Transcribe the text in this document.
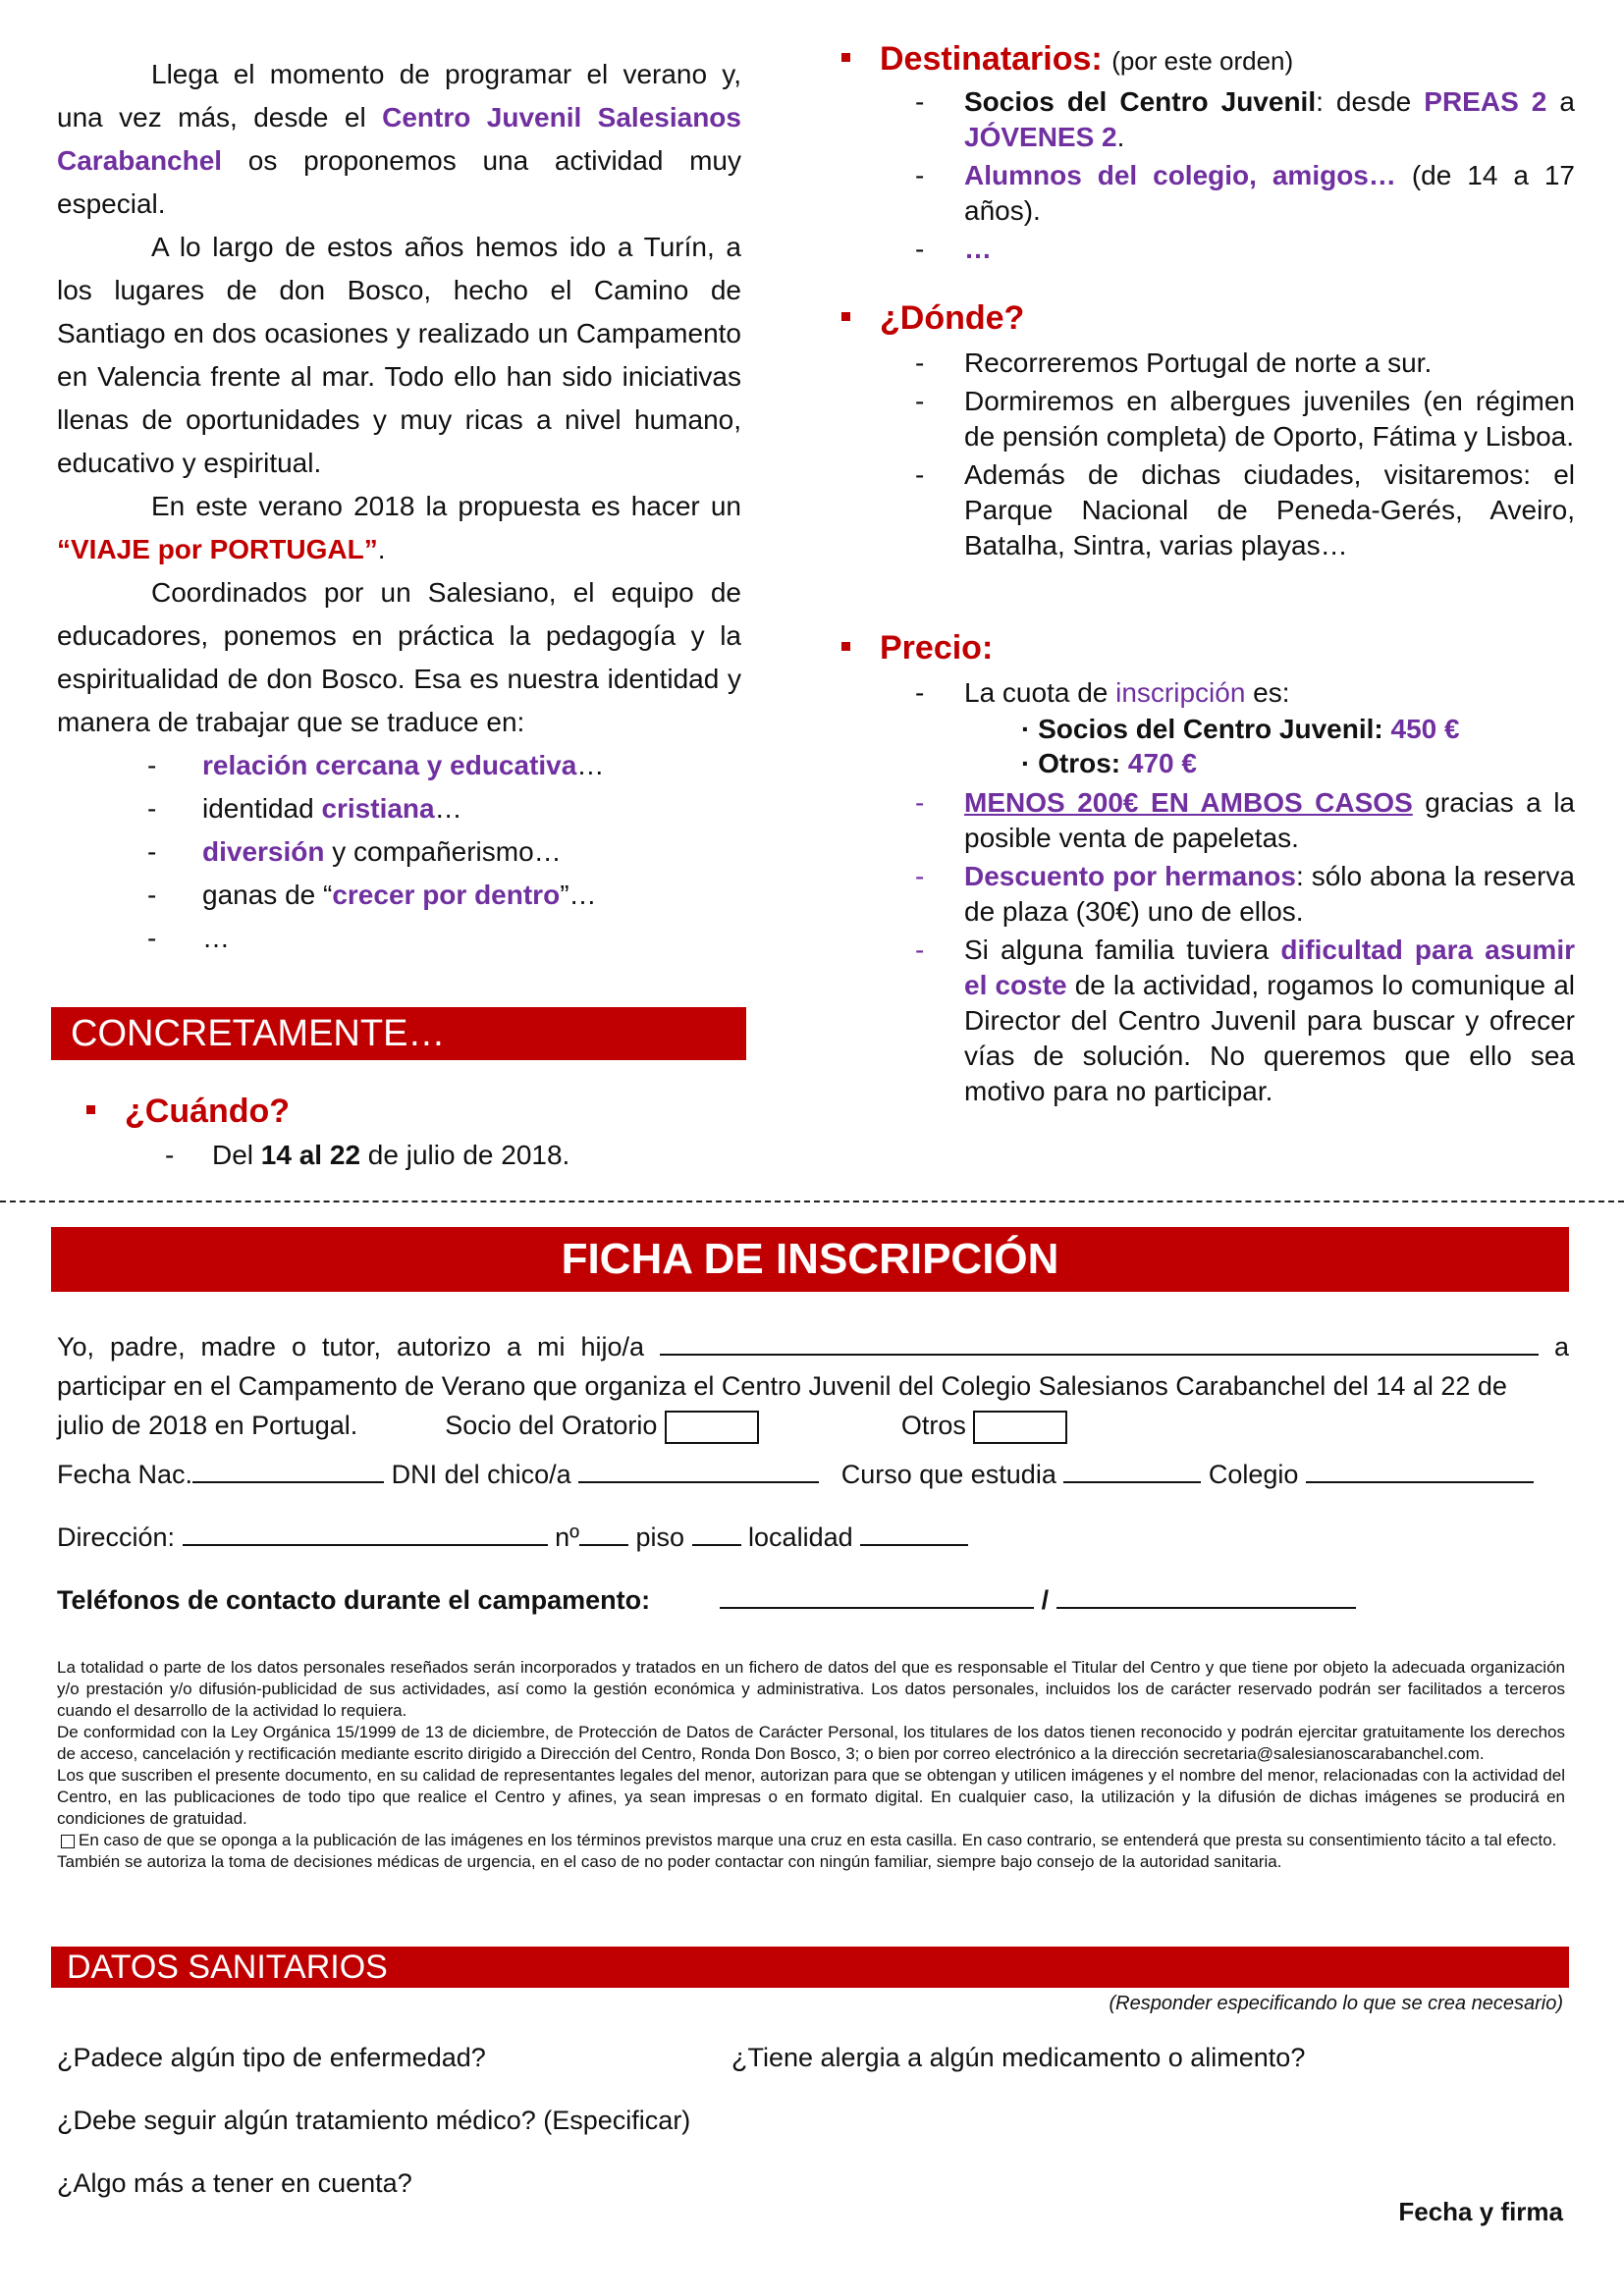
Llega el momento de programar el verano y, una vez más, desde el Centro Juvenil Salesianos Carabanchel os proponemos una actividad muy especial.

A lo largo de estos años hemos ido a Turín, a los lugares de don Bosco, hecho el Camino de Santiago en dos ocasiones y realizado un Campamento en Valencia frente al mar. Todo ello han sido iniciativas llenas de oportunidades y muy ricas a nivel humano, educativo y espiritual.

En este verano 2018 la propuesta es hacer un “VIAJE por PORTUGAL”.

Coordinados por un Salesiano, el equipo de educadores, ponemos en práctica la pedagogía y la espiritualidad de don Bosco. Esa es nuestra identidad y manera de trabajar que se traduce en:

- relación cercana y educativa…
- identidad cristiana…
- diversión y compañerismo…
- ganas de “crecer por dentro”…
- …
CONCRETAMENTE…
¿Cuándo?
- Del 14 al 22 de julio de 2018.
Destinatarios: (por este orden)
- Socios del Centro Juvenil: desde PREAS 2 a JÓVENES 2.
- Alumnos del colegio, amigos… (de 14 a 17 años).
- …
¿Dónde?
- Recorreremos Portugal de norte a sur.
- Dormiremos en albergues juveniles (en régimen de pensión completa) de Oporto, Fátima y Lisboa.
- Además de dichas ciudades, visitaremos: el Parque Nacional de Peneda-Gerés, Aveiro, Batalha, Sintra, varias playas…
Precio:
- La cuota de inscripción es:
· Socios del Centro Juvenil: 450 €
· Otros: 470 €
- MENOS 200€ EN AMBOS CASOS gracias a la posible venta de papeletas.
- Descuento por hermanos: sólo abona la reserva de plaza (30€) uno de ellos.
- Si alguna familia tuviera dificultad para asumir el coste de la actividad, rogamos lo comunique al Director del Centro Juvenil para buscar y ofrecer vías de solución. No queremos que ello sea motivo para no participar.
FICHA DE INSCRIPCIÓN
Yo, padre, madre o tutor, autorizo a mi hijo/a	a
participar en el Campamento de Verano que organiza el Centro Juvenil del Colegio Salesianos Carabanchel del 14 al 22 de
julio de 2018 en Portugal.	Socio del Oratorio	Otros
Fecha Nac.	DNI del chico/a	Curso que estudia	Colegio
Dirección:	nº piso localidad
Teléfonos de contacto durante el campamento:	/

La totalidad o parte de los datos personales reseñados serán incorporados y tratados en un fichero de datos del que es responsable el Titular del Centro y que tiene por objeto la adecuada organización y/o prestación y/o difusión-publicidad de sus actividades, así como la gestión económica y administrativa. Los datos personales, incluidos los de carácter reservado podrán ser facilitados a terceros cuando el desarrollo de la actividad lo requiera.

De conformidad con la Ley Orgánica 15/1999 de 13 de diciembre, de Protección de Datos de Carácter Personal, los titulares de los datos tienen reconocido y podrán ejercitar gratuitamente los derechos de acceso, cancelación y rectificación mediante escrito dirigido a Dirección del Centro, Ronda Don Bosco, 3; o bien por correo electrónico a la dirección secretaria@salesianoscarabanchel.com.

Los que suscriben el presente documento, en su calidad de representantes legales del menor, autorizan para que se obtengan y utilicen imágenes y el nombre del menor, relacionadas con la actividad del Centro, en las publicaciones de todo tipo que realice el Centro y afines, ya sean impresas o en formato digital. En cualquier caso, la utilización y la difusión de dichas imágenes se producirá en condiciones de gratuidad.

En caso de que se oponga a la publicación de las imágenes en los términos previstos marque una cruz en esta casilla. En caso contrario, se entenderá que presta su consentimiento tácito a tal efecto.

También se autoriza la toma de decisiones médicas de urgencia, en el caso de no poder contactar con ningún familiar, siempre bajo consejo de la autoridad sanitaria.

DATOS SANITARIOS
(Responder especificando lo que se crea necesario)
¿Padece algún tipo de enfermedad?	¿Tiene alergia a algún medicamento o alimento?
¿Debe seguir algún tratamiento médico? (Especificar)
¿Algo más a tener en cuenta?
Fecha y firma
